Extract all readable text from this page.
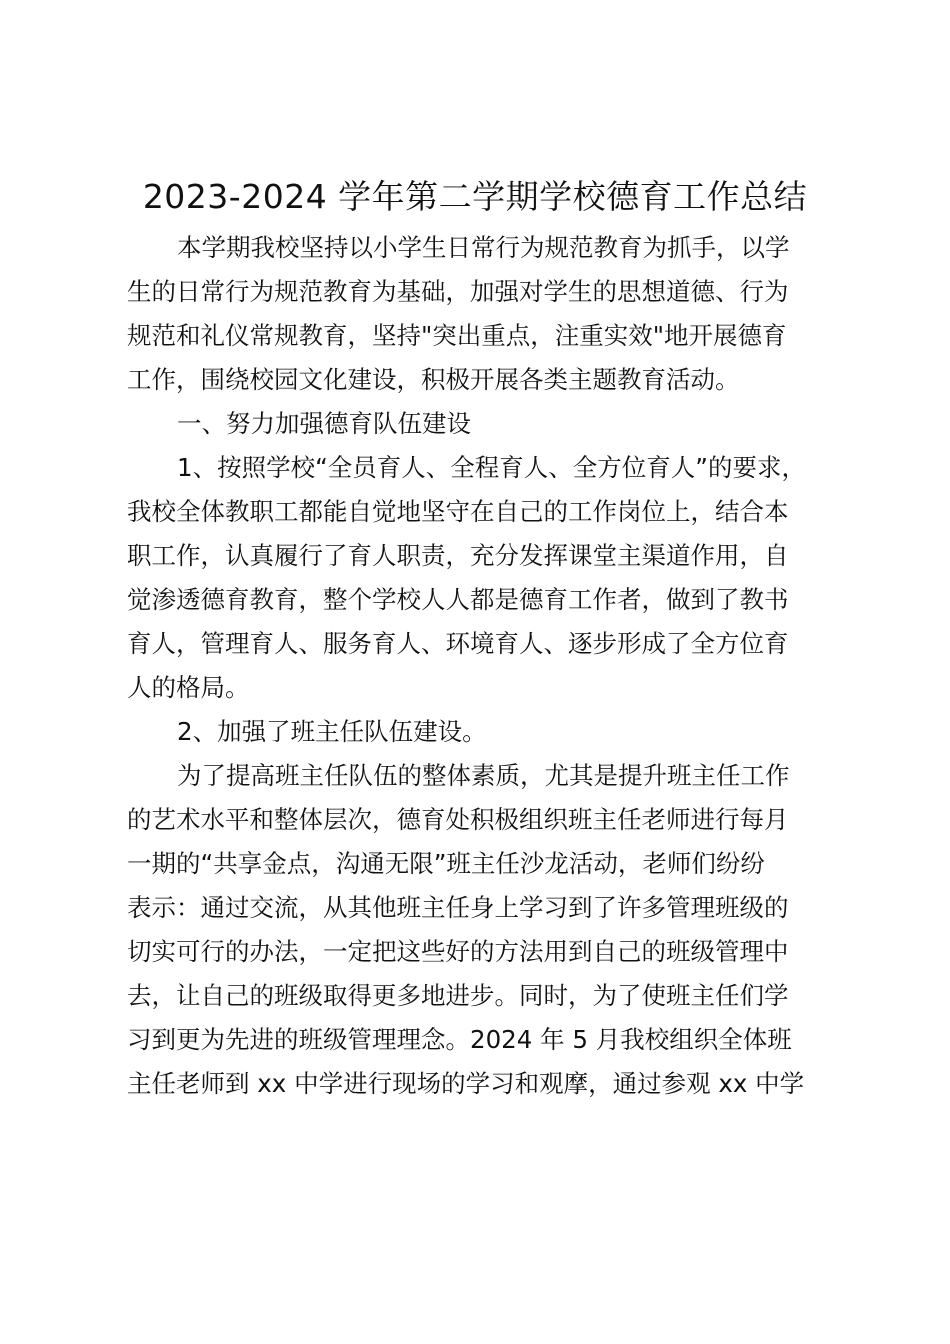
2023-2024 学年第二学期学校德育工作总结
本学期我校坚持以小学生日常行为规范教育为抓手，以学
生的日常行为规范教育为基础，加强对学生的思想道德、行为
规范和礼仪常规教育，坚持"突出重点，注重实效"地开展德育
工作，围绕校园文化建设，积极开展各类主题教育活动。
一、努力加强德育队伍建设
1、按照学校“全员育人、全程育人、全方位育人”的要求，
我校全体教职工都能自觉地坚守在自己的工作岗位上，结合本
职工作，认真履行了育人职责，充分发挥课堂主渠道作用，自
觉渗透德育教育，整个学校人人都是德育工作者，做到了教书
育人，管理育人、服务育人、环境育人、逐步形成了全方位育
人的格局。
2、加强了班主任队伍建设。
为了提高班主任队伍的整体素质，尤其是提升班主任工作
的艺术水平和整体层次，德育处积极组织班主任老师进行每月
一期的“共享金点，沟通无限”班主任沙龙活动，老师们纷纷
表示：通过交流，从其他班主任身上学习到了许多管理班级的
切实可行的办法，一定把这些好的方法用到自己的班级管理中
去，让自己的班级取得更多地进步。同时，为了使班主任们学
习到更为先进的班级管理理念。2024 年 5 月我校组织全体班
主任老师到 xx 中学进行现场的学习和观摩，通过参观 xx 中学
